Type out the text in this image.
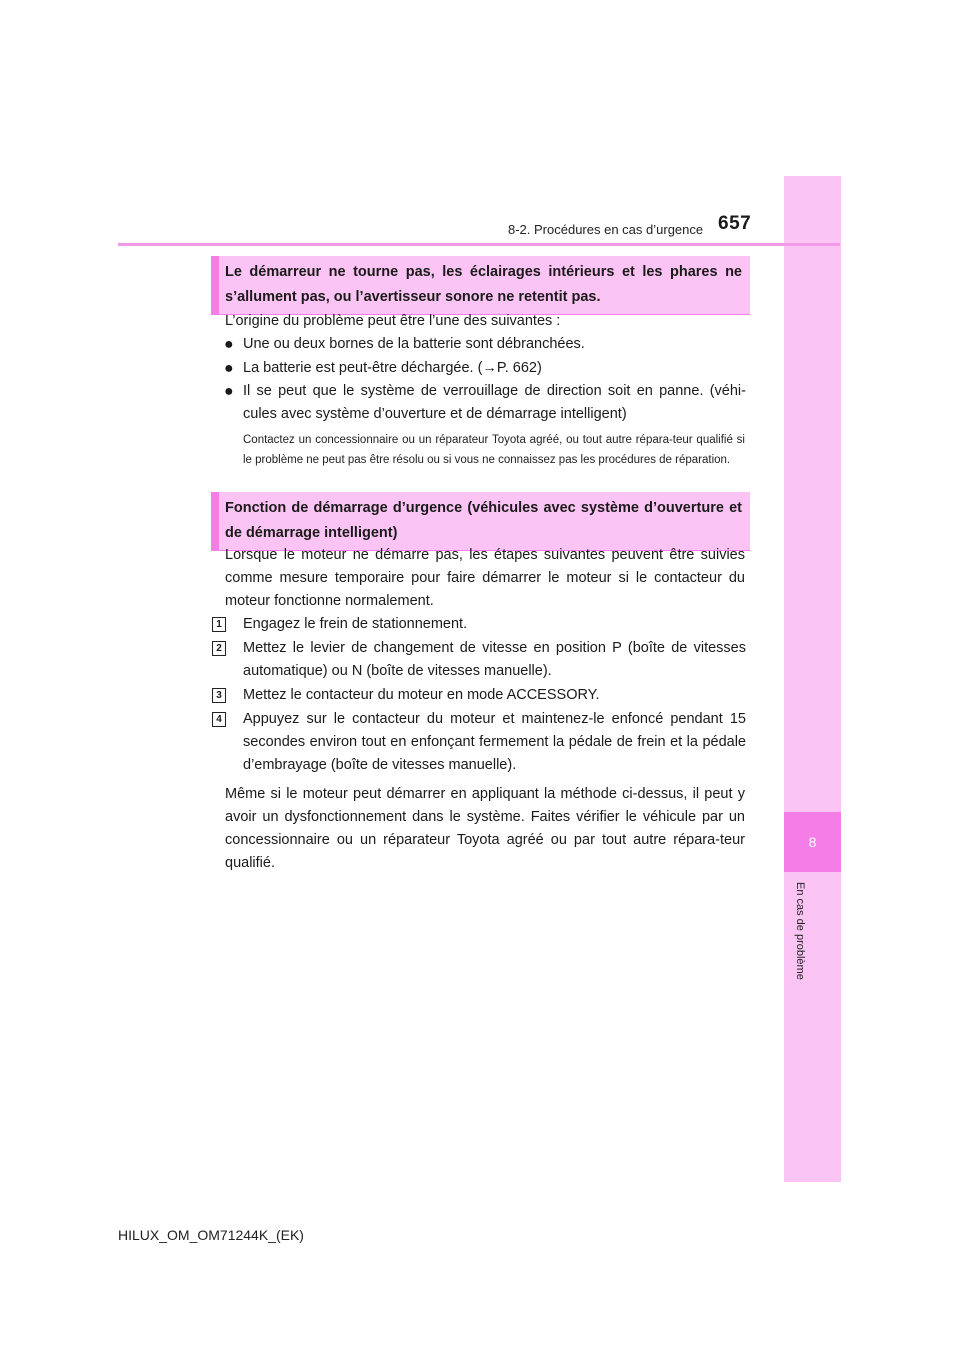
8
En cas de problème
8-2. Procédures en cas d’urgence 657
Le démarreur ne tourne pas, les éclairages intérieurs et les phares ne s’allument pas, ou l’avertisseur sonore ne retentit pas.
L’origine du problème peut être l’une des suivantes :
● Une ou deux bornes de la batterie sont débranchées.
● La batterie est peut-être déchargée. (→P. 662)
● Il se peut que le système de verrouillage de direction soit en panne. (véhi-cules avec système d’ouverture et de démarrage intelligent)
Contactez un concessionnaire ou un réparateur Toyota agréé, ou tout autre répara-teur qualifié si le problème ne peut pas être résolu ou si vous ne connaissez pas les procédures de réparation.
Fonction de démarrage d’urgence (véhicules avec système d’ouverture et de démarrage intelligent)
Lorsque le moteur ne démarre pas, les étapes suivantes peuvent être suivies comme mesure temporaire pour faire démarrer le moteur si le contacteur du moteur fonctionne normalement.
1	Engagez le frein de stationnement.
2	Mettez le levier de changement de vitesse en position P (boîte de vitesses automatique) ou N (boîte de vitesses manuelle).
3	Mettez le contacteur du moteur en mode ACCESSORY.
4	Appuyez sur le contacteur du moteur et maintenez-le enfoncé pendant 15 secondes environ tout en enfonçant fermement la pédale de frein et la pédale d’embrayage (boîte de vitesses manuelle).
Même si le moteur peut démarrer en appliquant la méthode ci-dessus, il peut y avoir un dysfonctionnement dans le système. Faites vérifier le véhicule par un concessionnaire ou un réparateur Toyota agréé ou par tout autre répara-teur qualifié.
HILUX_OM_OM71244K_(EK)
